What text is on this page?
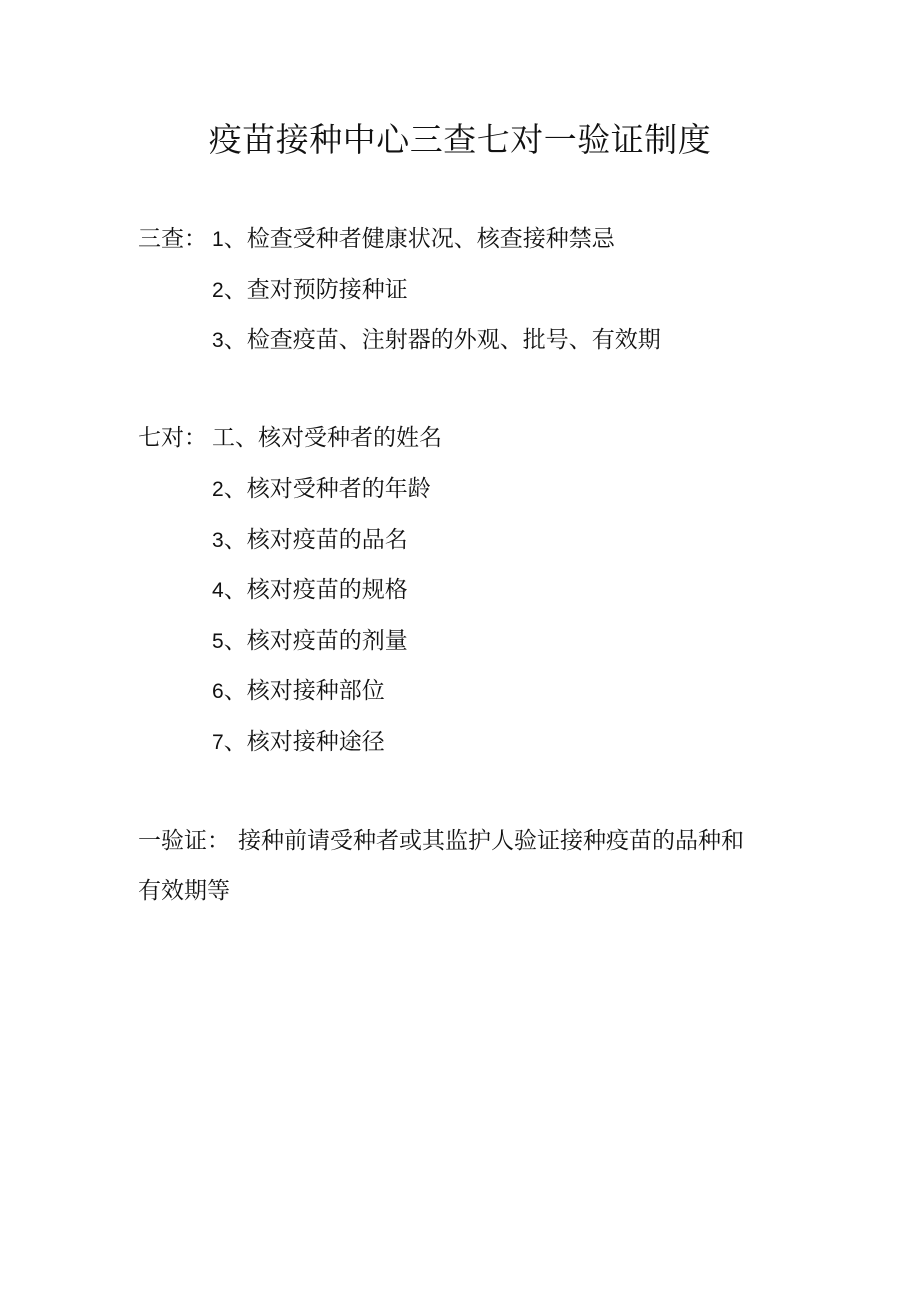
疫苗接种中心三查七对一验证制度
三查： 1、检查受种者健康状况、核查接种禁忌
2、查对预防接种证
3、检查疫苗、注射器的外观、批号、有效期
七对： 工、核对受种者的姓名
2、核对受种者的年龄
3、核对疫苗的品名
4、核对疫苗的规格
5、核对疫苗的剂量
6、核对接种部位
7、核对接种途径
一验证： 接种前请受种者或其监护人验证接种疫苗的品种和
有效期等
